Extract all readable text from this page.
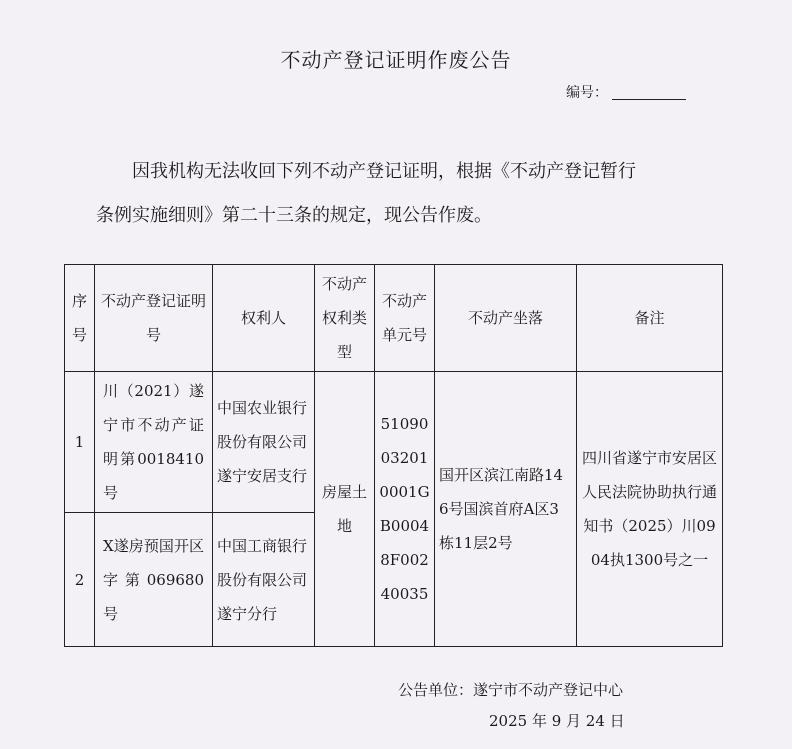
不动产登记证明作废公告
编号：
因我机构无法收回下列不动产登记证明，根据《不动产登记暂行
条例实施细则》第二十三条的规定，现公告作废。
序号	不动产登记证明号	权利人	不动产权利类型	不动产单元号	不动产坐落	备注
1	川（2021）遂宁市不动产证明第0018410号	中国农业银行股份有限公司遂宁安居支行	房屋土地	51090032010001GB00048F00240035	国开区滨江南路146号国滨首府A区3栋11层2号	四川省遂宁市安居区人民法院协助执行通知书（2025）川0904执1300号之一
2	X遂房预国开区字第069680号	中国工商银行股份有限公司遂宁分行				
公告单位：遂宁市不动产登记中心
2025 年 9 月 24 日
